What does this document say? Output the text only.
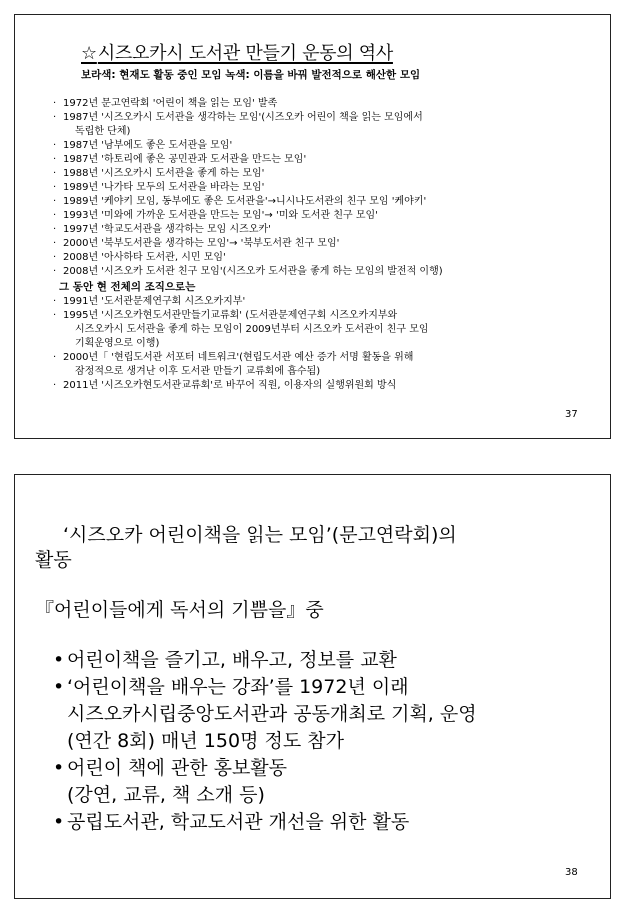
☆시즈오카시 도서관 만들기 운동의 역사
보라색: 현재도 활동 중인 모임 녹색: 이름을 바꿔 발전적으로 해산한 모임
· 1972년 문고연락회 '어린이 책을 읽는 모임' 발족
· 1987년 '시즈오카시 도서관을 생각하는 모임'(시즈오카 어린이 책을 읽는 모임에서
독립한 단체)
· 1987년 '남부에도 좋은 도서관을 모임'
· 1987년 '하토리에 좋은 공민관과 도서관을 만드는 모임'
· 1988년 '시즈오카시 도서관을 좋게 하는 모임'
· 1989년 '나가타 모두의 도서관을 바라는 모임'
· 1989년 '케야키 모임, 동부에도 좋은 도서관을'→니시나도서관의 친구 모임 '케야키'
· 1993년 '미와에 가까운 도서관을 만드는 모임'→ '미와 도서관 친구 모임'
· 1997년 '학교도서관을 생각하는 모임 시즈오카'
· 2000년 '북부도서관을 생각하는 모임'→ '북부도서관 친구 모임'
· 2008년 '아사하타 도서관, 시민 모임'
· 2008년 '시즈오카 도서관 친구 모임'(시즈오카 도서관을 좋게 하는 모임의 발전적 이행)
그 동안 현 전체의 조직으로는
· 1991년 '도서관문제연구회 시즈오카지부'
· 1995년 '시즈오카현도서관만들기교류회' (도서관문제연구회 시즈오카지부와
시즈오카시 도서관을 좋게 하는 모임이 2009년부터 시즈오카 도서관이 친구 모임
기획운영으로 이행)
· 2000년「 '현립도서관 서포터 네트워크'(현립도서관 예산 증가 서명 활동을 위해
잠정적으로 생겨난 이후 도서관 만들기 교류회에 흡수됨)
· 2011년 '시즈오카현도서관교류회'로 바꾸어 직원, 이용자의 실행위원회 방식
37
‘시즈오카 어린이책을 읽는 모임’(문고연락회)의
활동
『어린이들에게 독서의 기쁨을』중
• 어린이책을 즐기고, 배우고, 정보를 교환
• ‘어린이책을 배우는 강좌’를 1972년 이래
시즈오카시립중앙도서관과 공동개최로 기획, 운영
(연간 8회) 매년 150명 정도 참가
• 어린이 책에 관한 홍보활동
(강연, 교류, 책 소개 등)
• 공립도서관, 학교도서관 개선을 위한 활동
38
